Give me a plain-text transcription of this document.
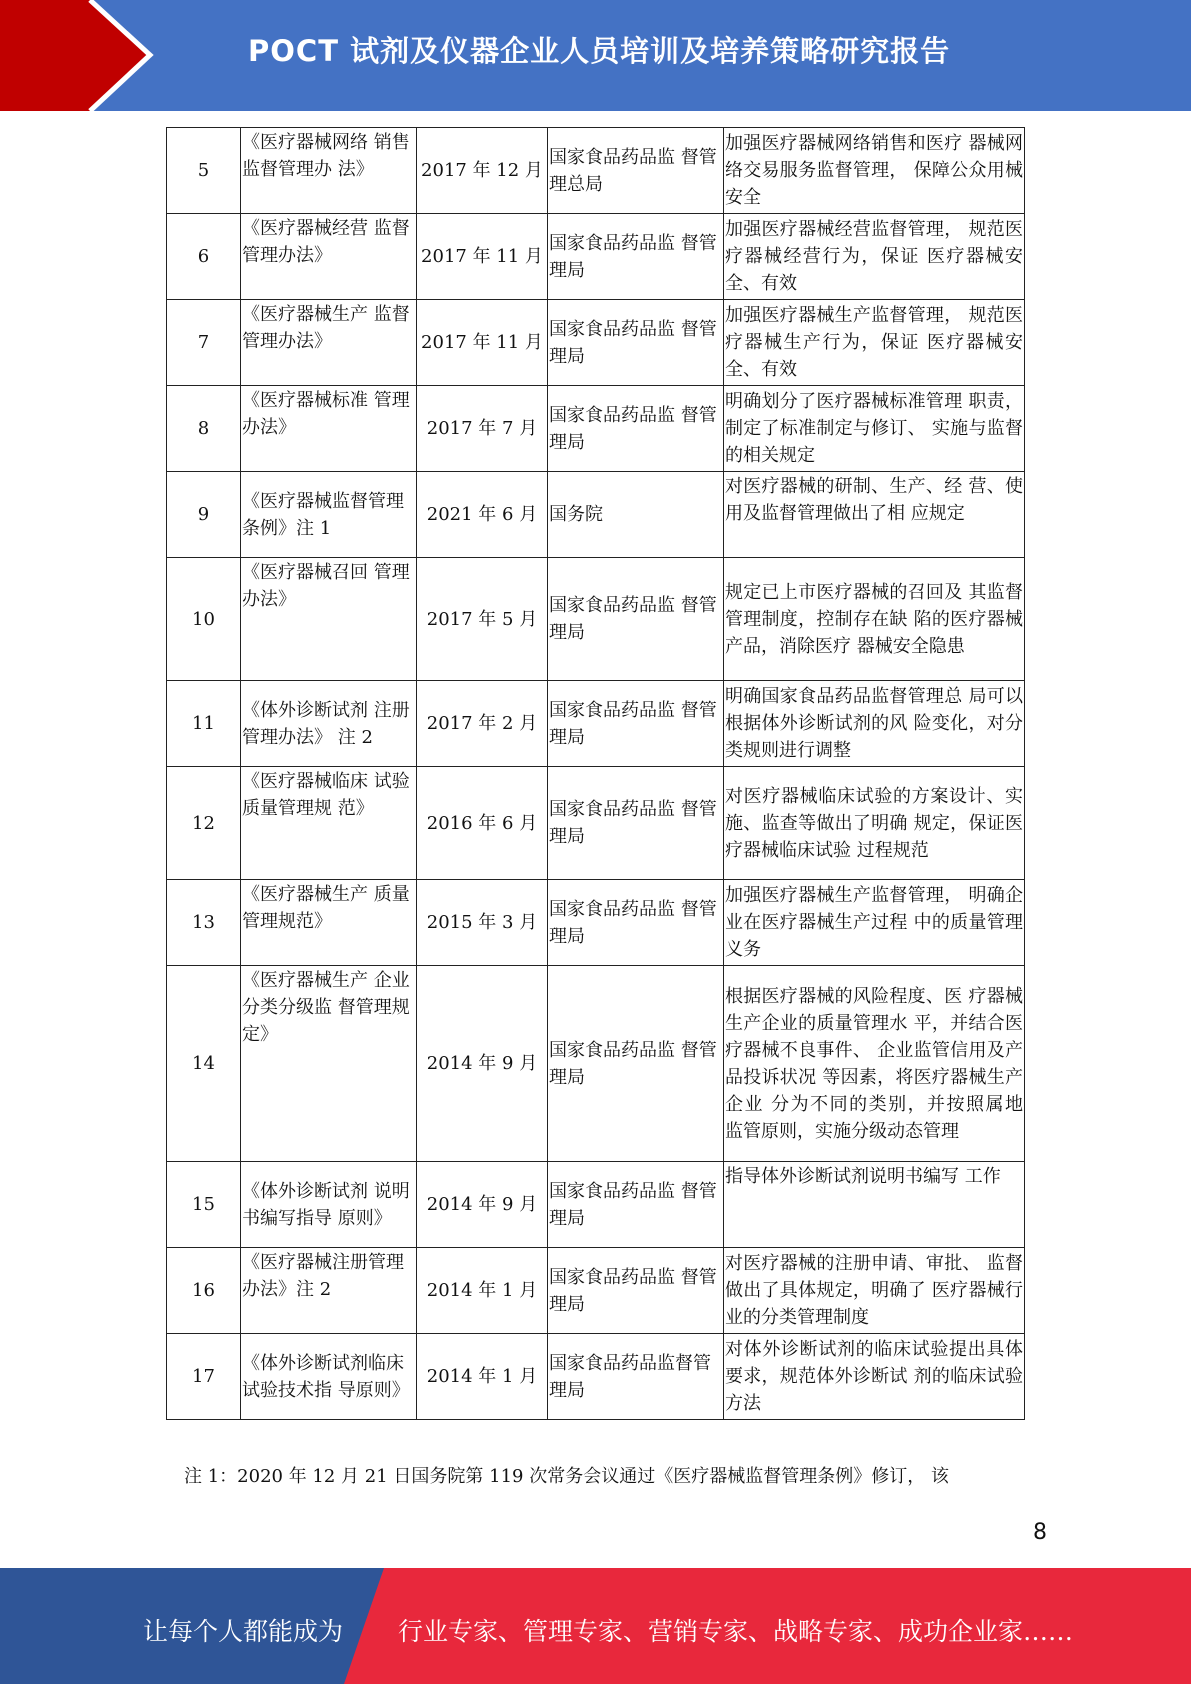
POCT 试剂及仪器企业人员培训及培养策略研究报告
5	《医疗器械网络 销售监督管理办 法》	2017 年 12 月	国家食品药品监 督管理总局	加强医疗器械网络销售和医疗 器械网络交易服务监督管理， 保障公众用械安全
6	《医疗器械经营 监督管理办法》	2017 年 11 月	国家食品药品监 督管理局	加强医疗器械经营监督管理， 规范医疗器械经营行为，保证 医疗器械安全、有效
7	《医疗器械生产 监督管理办法》	2017 年 11 月	国家食品药品监 督管理局	加强医疗器械生产监督管理， 规范医疗器械生产行为，保证 医疗器械安全、有效
8	《医疗器械标准 管理办法》	2017 年 7 月	国家食品药品监 督管理局	明确划分了医疗器械标准管理 职责，制定了标准制定与修订、 实施与监督的相关规定
9	《医疗器械监督管理条例》注 1	2021 年 6 月	国务院	对医疗器械的研制、生产、经 营、使用及监督管理做出了相 应规定
10	《医疗器械召回 管理办法》	2017 年 5 月	国家食品药品监 督管理局	规定已上市医疗器械的召回及 其监督管理制度，控制存在缺 陷的医疗器械产品，消除医疗 器械安全隐患
11	《体外诊断试剂 注册管理办法》 注 2	2017 年 2 月	国家食品药品监 督管理局	明确国家食品药品监督管理总 局可以根据体外诊断试剂的风 险变化，对分类规则进行调整
12	《医疗器械临床 试验质量管理规 范》	2016 年 6 月	国家食品药品监 督管理局	对医疗器械临床试验的方案设计、实施、监查等做出了明确 规定，保证医疗器械临床试验 过程规范
13	《医疗器械生产 质量管理规范》	2015 年 3 月	国家食品药品监 督管理局	加强医疗器械生产监督管理， 明确企业在医疗器械生产过程 中的质量管理义务
14	《医疗器械生产 企业分类分级监 督管理规定》	2014 年 9 月	国家食品药品监 督管理局	根据医疗器械的风险程度、医 疗器械生产企业的质量管理水 平，并结合医疗器械不良事件、 企业监管信用及产品投诉状况 等因素，将医疗器械生产企业 分为不同的类别，并按照属地 监管原则，实施分级动态管理
15	《体外诊断试剂 说明书编写指导 原则》	2014 年 9 月	国家食品药品监 督管理局	指导体外诊断试剂说明书编写 工作
16	《医疗器械注册管理办法》注 2	2014 年 1 月	国家食品药品监 督管理局	对医疗器械的注册申请、审批、 监督做出了具体规定，明确了 医疗器械行业的分类管理制度
17	《体外诊断试剂临床试验技术指 导原则》	2014 年 1 月	国家食品药品监督管理局	对体外诊断试剂的临床试验提出具体要求，规范体外诊断试 剂的临床试验方法
注 1：2020 年 12 月 21 日国务院第 119 次常务会议通过《医疗器械监督管理条例》修订， 该
8
让每个人都能成为 行业专家、管理专家、营销专家、战略专家、成功企业家……
